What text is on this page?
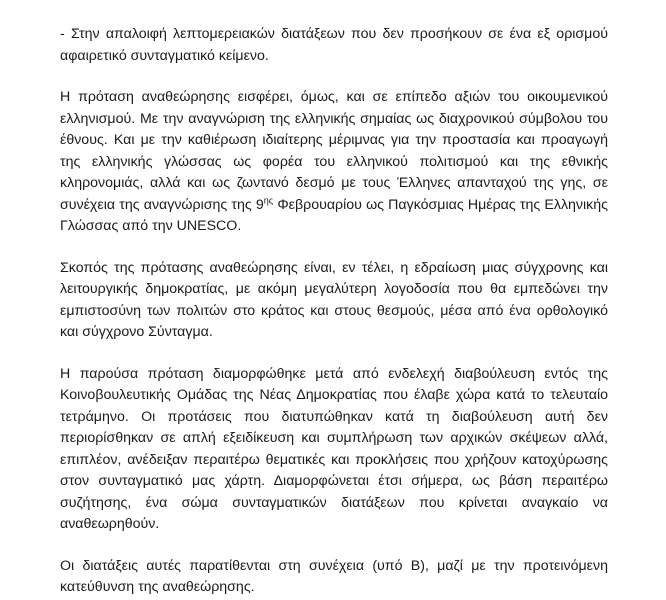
- Στην απαλοιφή λεπτομερειακών διατάξεων που δεν προσήκουν σε ένα εξ ορισμού αφαιρετικό συνταγματικό κείμενο.

Η πρόταση αναθεώρησης εισφέρει, όμως, και σε επίπεδο αξιών του οικουμενικού ελληνισμού. Με την αναγνώριση της ελληνικής σημαίας ως διαχρονικού σύμβολου του έθνους. Και με την καθιέρωση ιδιαίτερης μέριμνας για την προστασία και προαγωγή της ελληνικής γλώσσας ως φορέα του ελληνικού πολιτισμού και της εθνικής κληρονομιάς, αλλά και ως ζωντανό δεσμό με τους Έλληνες απανταχού της γης, σε συνέχεια της αναγνώρισης της $9^{\eta\varsigma}$ Φεβρουαρίου ως Παγκόσμιας Ημέρας της Ελληνικής Γλώσσας από την UNESCO.

Σκοπός της πρότασης αναθεώρησης είναι, εν τέλει, η εδραίωση μιας σύγχρονης και λειτουργικής δημοκρατίας, με ακόμη μεγαλύτερη λογοδοσία που θα εμπεδώνει την εμπιστοσύνη των πολιτών στο κράτος και στους θεσμούς, μέσα από ένα ορθολογικό και σύγχρονο Σύνταγμα.

Η παρούσα πρόταση διαμορφώθηκε μετά από ενδελεχή διαβούλευση εντός της Κοινοβουλευτικής Ομάδας της Νέας Δημοκρατίας που έλαβε χώρα κατά το τελευταίο τετράμηνο. Οι προτάσεις που διατυπώθηκαν κατά τη διαβούλευση αυτή δεν περιορίσθηκαν σε απλή εξειδίκευση και συμπλήρωση των αρχικών σκέψεων αλλά, επιπλέον, ανέδειξαν περαιτέρω θεματικές και προκλήσεις που χρήζουν κατοχύρωσης στον συνταγματικό μας χάρτη. Διαμορφώνεται έτσι σήμερα, ως βάση περαιτέρω συζήτησης, ένα σώμα συνταγματικών διατάξεων που κρίνεται αναγκαίο να αναθεωρηθούν.

Οι διατάξεις αυτές παρατίθενται στη συνέχεια (υπό Β), μαζί με την προτεινόμενη κατεύθυνση της αναθεώρησης.
